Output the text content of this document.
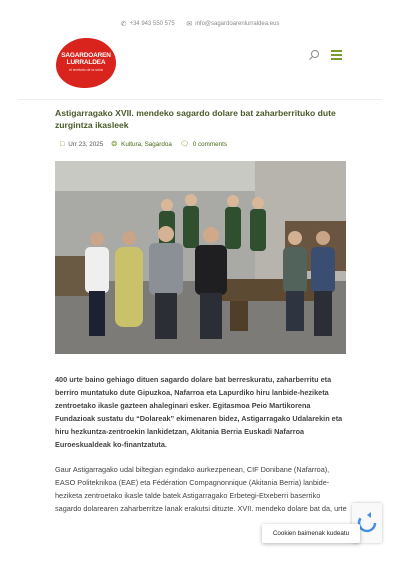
✆ +34 943 550 575
✉ info@sagardoarenlurraldea.eus
SAGARDOAREN
LURRALDEA
el territorio de la sidra
Astigarragako XVII. mendeko sagardo dolare bat zaharberrituko dute zurgintza ikasleek
□ Urr 23, 2025 ❂ Kultura, Sagardoa 🗨 0 comments

400 urte baino gehiago dituen sagardo dolare bat berreskuratu, zaharberritu eta berriro muntatuko dute Gipuzkoa, Nafarroa eta Lapurdiko hiru lanbide-heziketa zentroetako ikasle gazteen ahaleginari esker. Egitasmoa Peio Martikorena Fundazioak sustatu du “Dolareak” ekimenaren bidez, Astigarragako Udalarekin eta hiru hezkuntza-zentroekin lankidetzan, Akitania Berria Euskadi Nafarroa Euroeskualdeak ko-finantzatuta.

Gaur Astigarragako udal biltegian egindako aurkezpenean, CIF Donibane (Nafarroa), EASO Politeknikoa (EAE) eta Fédération Compagnonnique (Akitania Berria) lanbide-heziketa zentroetako ikasle talde batek Astigarragako Erbetegi-Etxeberri baserriko sagardo dolarearen zaharberritze lanak erakutsi dituzte. XVII. mendeko dolare bat da, urte

Cookien baimenak kudeatu
